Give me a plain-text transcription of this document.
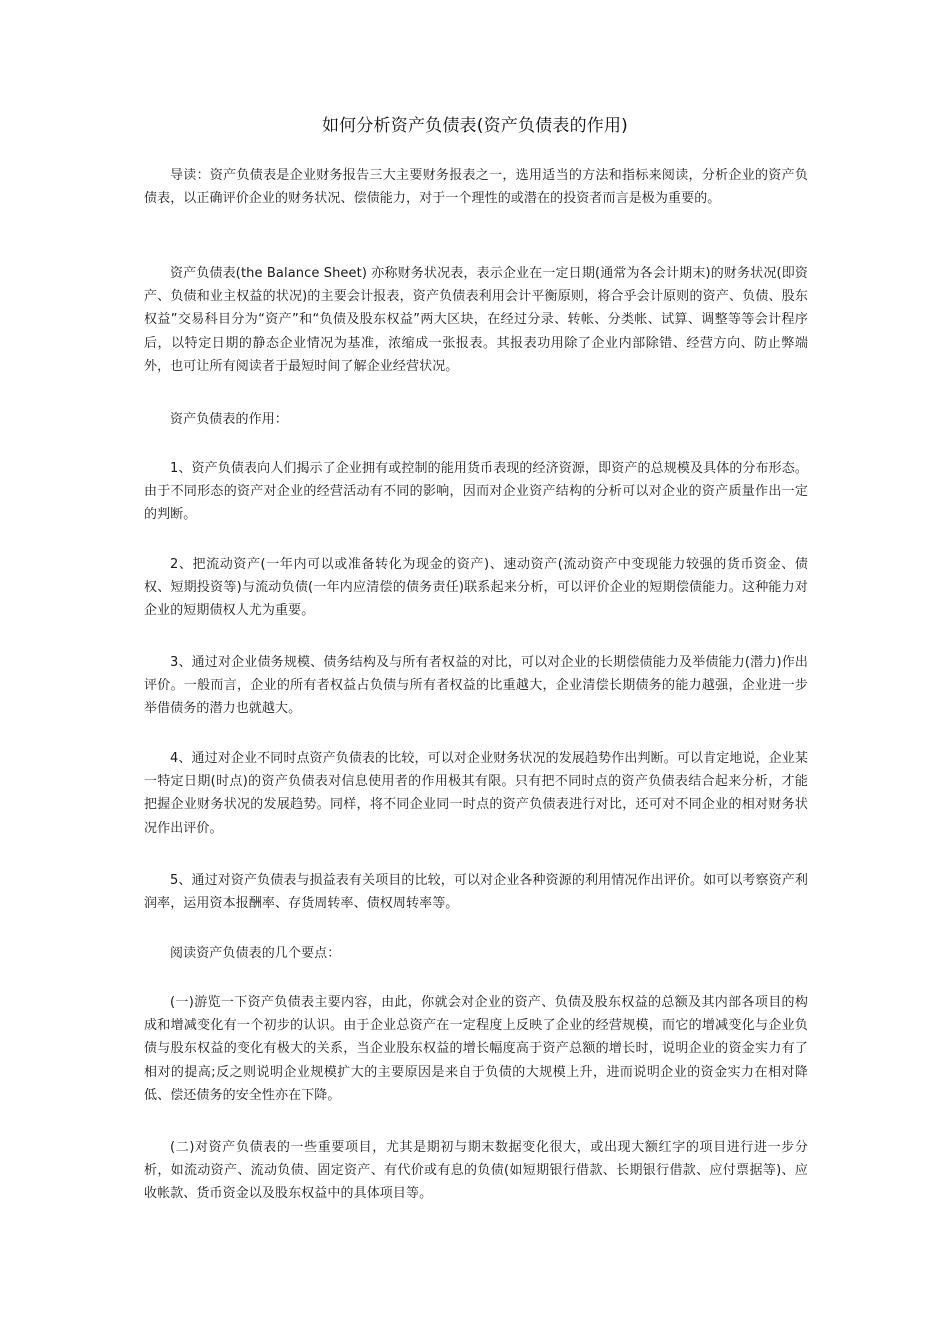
如何分析资产负债表(资产负债表的作用)

导读：资产负债表是企业财务报告三大主要财务报表之一，选用适当的方法和指标来阅读，分析企业的资产负债表，以正确评价企业的财务状况、偿债能力，对于一个理性的或潜在的投资者而言是极为重要的。

资产负债表(the Balance Sheet) 亦称财务状况表，表示企业在一定日期(通常为各会计期末)的财务状况(即资产、负债和业主权益的状况)的主要会计报表，资产负债表利用会计平衡原则，将合乎会计原则的资产、负债、股东权益”交易科目分为“资产”和“负债及股东权益”两大区块，在经过分录、转帐、分类帐、试算、调整等等会计程序后，以特定日期的静态企业情况为基准，浓缩成一张报表。其报表功用除了企业内部除错、经营方向、防止弊端外，也可让所有阅读者于最短时间了解企业经营状况。

资产负债表的作用：

1、资产负债表向人们揭示了企业拥有或控制的能用货币表现的经济资源，即资产的总规模及具体的分布形态。由于不同形态的资产对企业的经营活动有不同的影响，因而对企业资产结构的分析可以对企业的资产质量作出一定的判断。

2、把流动资产(一年内可以或准备转化为现金的资产)、速动资产(流动资产中变现能力较强的货币资金、债权、短期投资等)与流动负债(一年内应清偿的债务责任)联系起来分析，可以评价企业的短期偿债能力。这种能力对企业的短期债权人尤为重要。

3、通过对企业债务规模、债务结构及与所有者权益的对比，可以对企业的长期偿债能力及举债能力(潜力)作出评价。一般而言，企业的所有者权益占负债与所有者权益的比重越大，企业清偿长期债务的能力越强，企业进一步举借债务的潜力也就越大。

4、通过对企业不同时点资产负债表的比较，可以对企业财务状况的发展趋势作出判断。可以肯定地说，企业某一特定日期(时点)的资产负债表对信息使用者的作用极其有限。只有把不同时点的资产负债表结合起来分析，才能把握企业财务状况的发展趋势。同样，将不同企业同一时点的资产负债表进行对比，还可对不同企业的相对财务状况作出评价。

5、通过对资产负债表与损益表有关项目的比较，可以对企业各种资源的利用情况作出评价。如可以考察资产利润率，运用资本报酬率、存货周转率、债权周转率等。

阅读资产负债表的几个要点：

(一)游览一下资产负债表主要内容，由此，你就会对企业的资产、负债及股东权益的总额及其内部各项目的构成和增减变化有一个初步的认识。由于企业总资产在一定程度上反映了企业的经营规模，而它的增减变化与企业负债与股东权益的变化有极大的关系，当企业股东权益的增长幅度高于资产总额的增长时，说明企业的资金实力有了相对的提高;反之则说明企业规模扩大的主要原因是来自于负债的大规模上升，进而说明企业的资金实力在相对降低、偿还债务的安全性亦在下降。

(二)对资产负债表的一些重要项目，尤其是期初与期末数据变化很大，或出现大额红字的项目进行进一步分析，如流动资产、流动负债、固定资产、有代价或有息的负债(如短期银行借款、长期银行借款、应付票据等)、应收帐款、货币资金以及股东权益中的具体项目等。
